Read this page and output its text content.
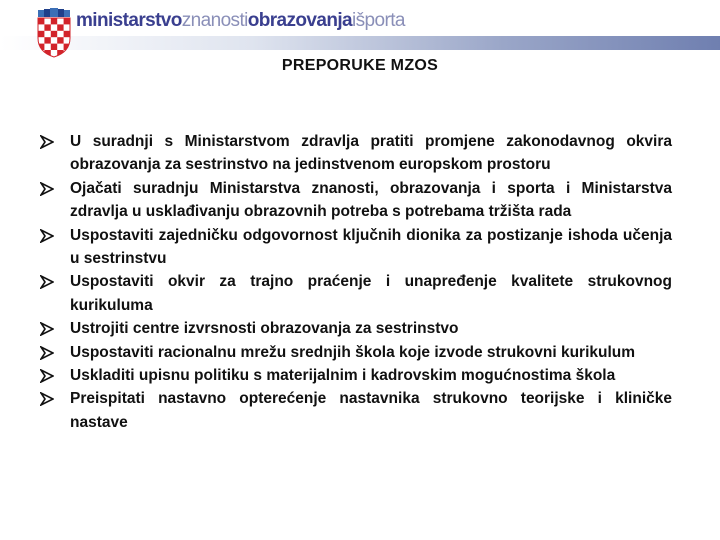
ministarstvoznanostiobrazovanjaišporta
PREPORUKE MZOS
U suradnji s Ministarstvom zdravlja pratiti promjene zakonodavnog okvira obrazovanja za sestrinstvo na jedinstvenom europskom prostoru
Ojačati suradnju Ministarstva znanosti, obrazovanja i sporta i Ministarstva zdravlja u usklađivanju obrazovnih potreba s potrebama tržišta rada
Uspostaviti zajedničku odgovornost ključnih dionika za postizanje ishoda učenja u sestrinstvu
Uspostaviti okvir za trajno praćenje i unapređenje kvalitete strukovnog kurikuluma
Ustrojiti centre izvrsnosti obrazovanja za sestrinstvo
Uspostaviti racionalnu mrežu srednjih škola koje izvode strukovni kurikulum
Uskladiti upisnu politiku s materijalnim i kadrovskim mogućnostima škola
Preispitati nastavno opterećenje nastavnika strukovno teorijske i kliničke nastave
